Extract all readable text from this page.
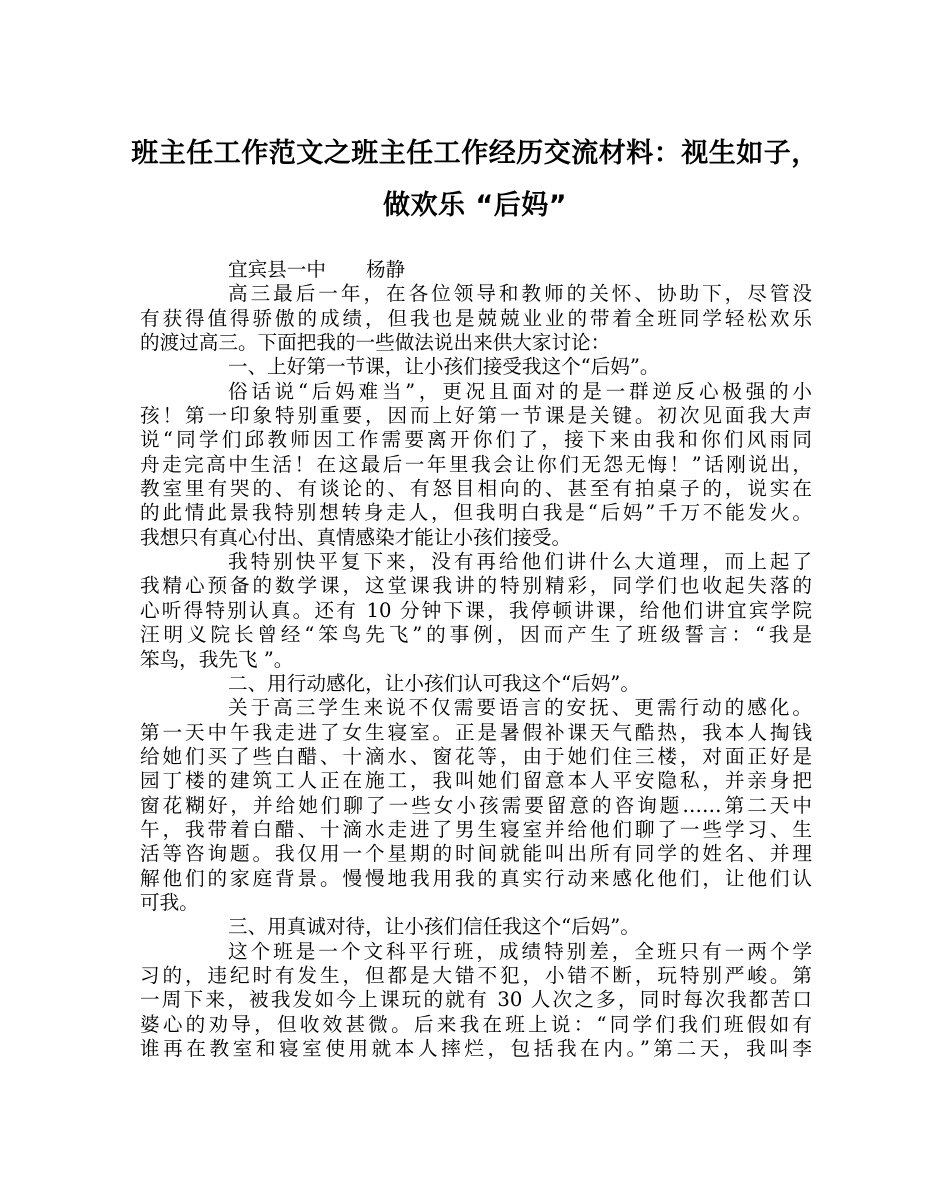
班主任工作范文之班主任工作经历交流材料：视生如子，
做欢乐 “后妈”
宜宾县一中 杨静
高三最后一年，在各位领导和教师的关怀、协助下，尽管没
有获得值得骄傲的成绩，但我也是兢兢业业的带着全班同学轻松欢乐
的渡过高三。下面把我的一些做法说出来供大家讨论：
一、上好第一节课，让小孩们接受我这个“后妈”。
俗话说“后妈难当”，更况且面对的是一群逆反心极强的小
孩！第一印象特别重要，因而上好第一节课是关键。初次见面我大声
说“同学们邱教师因工作需要离开你们了，接下来由我和你们风雨同
舟走完高中生活！在这最后一年里我会让你们无怨无悔！”话刚说出，
教室里有哭的、有谈论的、有怒目相向的、甚至有拍桌子的，说实在
的此情此景我特别想转身走人，但我明白我是“后妈”千万不能发火。
我想只有真心付出、真情感染才能让小孩们接受。
我特别快平复下来，没有再给他们讲什么大道理，而上起了
我精心预备的数学课，这堂课我讲的特别精彩，同学们也收起失落的
心听得特别认真。还有 10 分钟下课，我停顿讲课，给他们讲宜宾学院
汪明义院长曾经“笨鸟先飞”的事例，因而产生了班级誓言：“我是
笨鸟，我先飞 ”。
二、用行动感化，让小孩们认可我这个“后妈”。
关于高三学生来说不仅需要语言的安抚、更需行动的感化。
第一天中午我走进了女生寝室。正是暑假补课天气酷热，我本人掏钱
给她们买了些白醋、十滴水、窗花等，由于她们住三楼，对面正好是
园丁楼的建筑工人正在施工，我叫她们留意本人平安隐私，并亲身把
窗花糊好，并给她们聊了一些女小孩需要留意的咨询题……第二天中
午，我带着白醋、十滴水走进了男生寝室并给他们聊了一些学习、生
活等咨询题。我仅用一个星期的时间就能叫出所有同学的姓名、并理
解他们的家庭背景。慢慢地我用我的真实行动来感化他们，让他们认
可我。
三、用真诚对待，让小孩们信任我这个“后妈”。
这个班是一个文科平行班，成绩特别差，全班只有一两个学
习的，违纪时有发生，但都是大错不犯，小错不断，玩特别严峻。第
一周下来，被我发如今上课玩的就有 30 人次之多，同时每次我都苦口
婆心的劝导，但收效甚微。后来我在班上说：“同学们我们班假如有
谁再在教室和寝室使用就本人摔烂，包括我在内。”第二天，我叫李
